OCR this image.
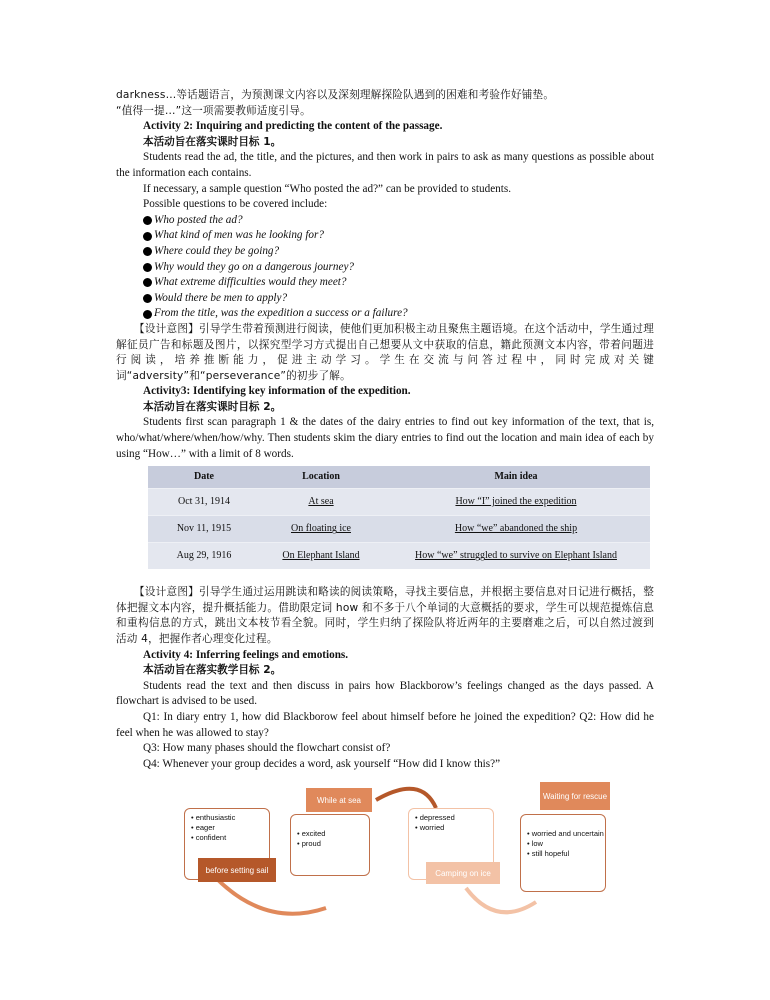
darkness…等话题语言，为预测课文内容以及深刻理解探险队遇到的困难和考验作好铺垫。

“值得一提…”这一项需要教师适度引导。

Activity 2: Inquiring and predicting the content of the passage.

本活动旨在落实课时目标 1。

Students read the ad, the title, and the pictures, and then work in pairs to ask as many questions as possible about the information each contains.

If necessary, a sample question “Who posted the ad?” can be provided to students.

Possible questions to be covered include:

Who posted the ad?

What kind of men was he looking for?

Where could they be going?

Why would they go on a dangerous journey?

What extreme difficulties would they meet?

Would there be men to apply?

From the title, was the expedition a success or a failure?

【设计意图】引导学生带着预测进行阅读，使他们更加积极主动且聚焦主题语境。在这个活动中，学生通过理解征员广告和标题及图片，以探究型学习方式提出自己想要从文中获取的信息，籍此预测文本内容，带着问题进行阅读，培养推断能力，促进主动学习。学生在交流与问答过程中，同时完成对关键词“adversity”和“perseverance”的初步了解。

Activity3: Identifying key information of the expedition.

本活动旨在落实课时目标 2。

Students first scan paragraph 1 & the dates of the dairy entries to find out key information of the text, that is, who/what/where/when/how/why. Then students skim the diary entries to find out the location and main idea of each by using “How…” with a limit of 8 words.

Date	Location	Main idea
Oct 31, 1914	At sea	How “I” joined the expedition
Nov 11, 1915	On floating ice	How “we” abandoned the ship
Aug 29, 1916	On Elephant Island	How “we” struggled to survive on Elephant Island

【设计意图】引导学生通过运用跳读和略读的阅读策略，寻找主要信息，并根据主要信息对日记进行概括，整体把握文本内容，提升概括能力。借助限定词 how 和不多于八个单词的大意概括的要求，学生可以规范提炼信息和重构信息的方式，跳出文本枝节看全貌。同时，学生归纳了探险队将近两年的主要磨难之后，可以自然过渡到活动 4，把握作者心理变化过程。

Activity 4: Inferring feelings and emotions.

本活动旨在落实教学目标 2。

Students read the text and then discuss in pairs how Blackborow’s feelings changed as the days passed. A flowchart is advised to be used.

Q1: In diary entry 1, how did Blackborow feel about himself before he joined the expedition? Q2: How did he feel when he was allowed to stay?

Q3: How many phases should the flowchart consist of?

Q4: Whenever your group decides a word, ask yourself “How did I know this?”

• enthusiastic
• eager
• confident
before setting sail
• excited
• proud
While at sea
• depressed
• worried
Camping on ice
• worried and uncertain
• low
• still hopeful
Waiting for rescue
